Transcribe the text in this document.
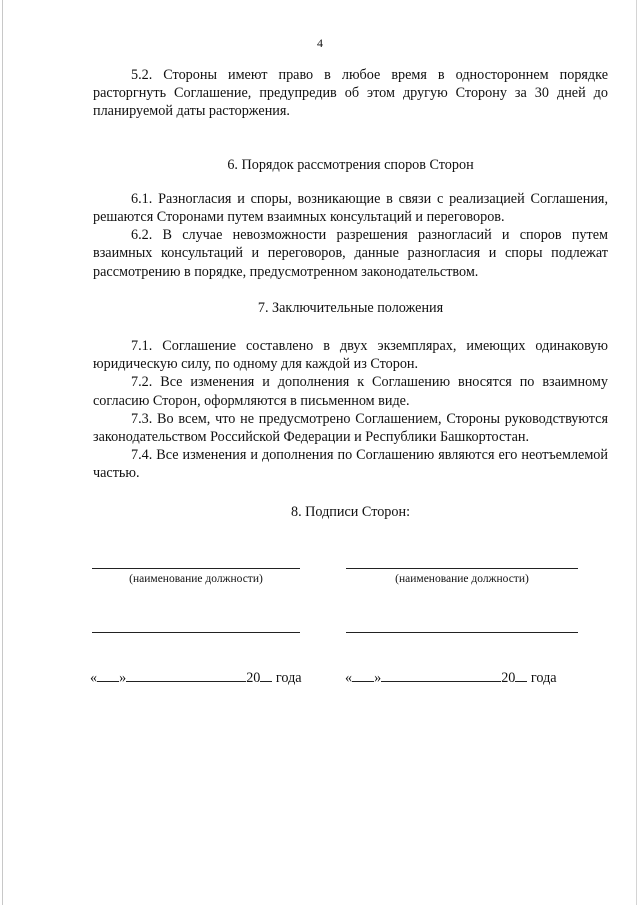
4

5.2. Стороны имеют право в любое время в одностороннем порядке расторгнуть Соглашение, предупредив об этом другую Сторону за 30 дней до планируемой даты расторжения.

6. Порядок рассмотрения споров Сторон

6.1. Разногласия и споры, возникающие в связи с реализацией Соглашения, решаются Сторонами путем взаимных консультаций и переговоров.

6.2. В случае невозможности разрешения разногласий и споров путем взаимных консультаций и переговоров, данные разногласия и споры подлежат рассмотрению в порядке, предусмотренном законодательством.

7. Заключительные положения

7.1. Соглашение составлено в двух экземплярах, имеющих одинаковую юридическую силу, по одному для каждой из Сторон.

7.2. Все изменения и дополнения к Соглашению вносятся по взаимному согласию Сторон, оформляются в письменном виде.

7.3. Во всем, что не предусмотрено Соглашением, Стороны руководствуются законодательством Российской Федерации и Республики Башкортостан.

7.4. Все изменения и дополнения по Соглашению являются его неотъемлемой частью.

8. Подписи Сторон:

(наименование должности)	(наименование должности)
« »	20 года	« »	20 года
